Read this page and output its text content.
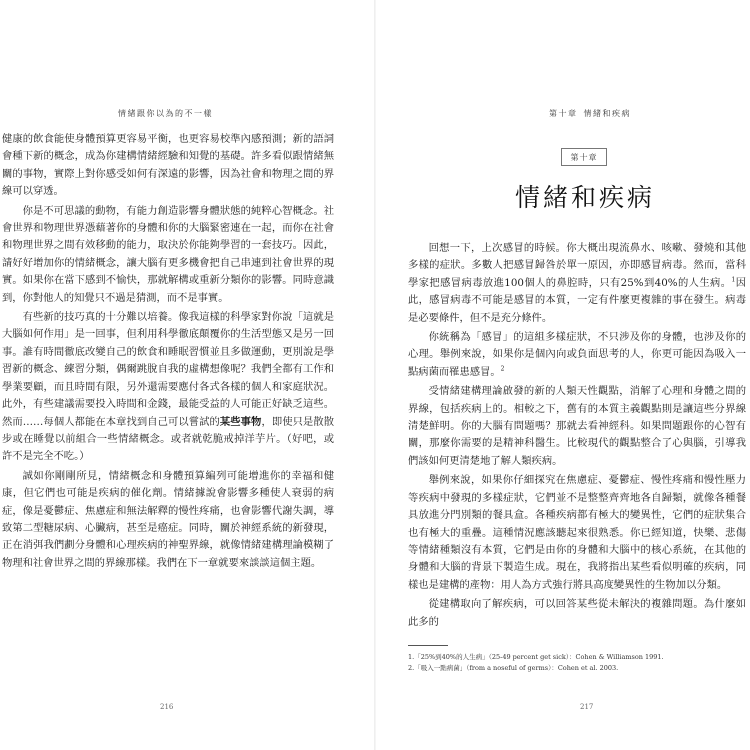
情緒跟你以為的不一樣

健康的飲食能使身體預算更容易平衡，也更容易校準內感預測；新的語詞會種下新的概念，成為你建構情緒經驗和知覺的基礎。許多看似跟情緒無關的事物，實際上對你感受如何有深遠的影響，因為社會和物理之間的界線可以穿透。

你是不可思議的動物，有能力創造影響身體狀態的純粹心智概念。社會世界和物理世界憑藉著你的身體和你的大腦緊密連在一起，而你在社會和物理世界之間有效移動的能力，取決於你能夠學習的一套技巧。因此，請好好增加你的情緒概念，讓大腦有更多機會把自己串連到社會世界的現實。如果你在當下感到不愉快，那就解構或重新分類你的影響。同時意識到，你對他人的知覺只不過是猜測，而不是事實。

有些新的技巧真的十分難以培養。像我這樣的科學家對你說「這就是大腦如何作用」是一回事，但利用科學徹底顛覆你的生活型態又是另一回事。誰有時間徹底改變自己的飲食和睡眠習慣並且多做運動，更別說是學習新的概念、練習分類，偶爾跳脫自我的虛構想像呢？我們全都有工作和學業要顧，而且時間有限，另外還需要應付各式各樣的個人和家庭狀況。此外，有些建議需要投入時間和金錢，最能受益的人可能正好缺乏這些。然而……每個人都能在本章找到自己可以嘗試的某些事物，即使只是散散步或在睡覺以前組合一些情緒概念。或者就乾脆戒掉洋芋片。（好吧，或許不是完全不吃。）

誠如你剛剛所見，情緒概念和身體預算編列可能增進你的幸福和健康，但它們也可能是疾病的催化劑。情緒據說會影響多種使人衰弱的病症，像是憂鬱症、焦慮症和無法解釋的慢性疼痛，也會影響代謝失調，導致第二型糖尿病、心臟病，甚至是癌症。同時，關於神經系統的新發現，正在消弭我們劃分身體和心理疾病的神聖界線，就像情緒建構理論模糊了物理和社會世界之間的界線那樣。我們在下一章就要來談談這個主題。

216
第十章 情緒和疾病
第十章
情緒和疾病

回想一下，上次感冒的時候。你大概出現流鼻水、咳嗽、發燒和其他多樣的症狀。多數人把感冒歸咎於單一原因，亦即感冒病毒。然而，當科學家把感冒病毒放進100個人的鼻腔時，只有25%到40%的人生病。$^1$因此，感冒病毒不可能是感冒的本質，一定有件麼更複雜的事在發生。病毒是必要條件，但不是充分條件。

你統稱為「感冒」的這組多樣症狀，不只涉及你的身體，也涉及你的心理。舉例來說，如果你是個內向或負面思考的人，你更可能因為吸入一點病菌而罹患感冒。$^2$

受情緒建構理論啟發的新的人類天性觀點，消解了心理和身體之間的界線，包括疾病上的。相較之下，舊有的本質主義觀點則是讓這些分界線清楚鮮明。你的大腦有問題嗎？那就去看神經科。如果問題跟你的心智有關，那麼你需要的是精神科醫生。比較現代的觀點整合了心與腦，引導我們該如何更清楚地了解人類疾病。

舉例來說，如果你仔細探究在焦慮症、憂鬱症、慢性疼痛和慢性壓力等疾病中發現的多樣症狀，它們並不是整整齊齊地各自歸類，就像各種餐具放進分門別類的餐具盒。各種疾病都有極大的變異性，它們的症狀集合也有極大的重疊。這種情況應該聽起來很熟悉。你已經知道，快樂、悲傷等情緒種類沒有本質，它們是由你的身體和大腦中的核心系統，在其他的身體和大腦的背景下製造生成。現在，我將指出某些看似明確的疾病，同樣也是建構的產物：用人為方式強行將具高度變異性的生物加以分類。

從建構取向了解疾病，可以回答某些從未解決的複雜問題。為什麼如此多的

1.「25%到40%的人生病」（25-49 percent get sick）：Cohen & Williamson 1991.
2.「吸入一點病菌」（from a noseful of germs）：Cohen et al. 2003.
217
